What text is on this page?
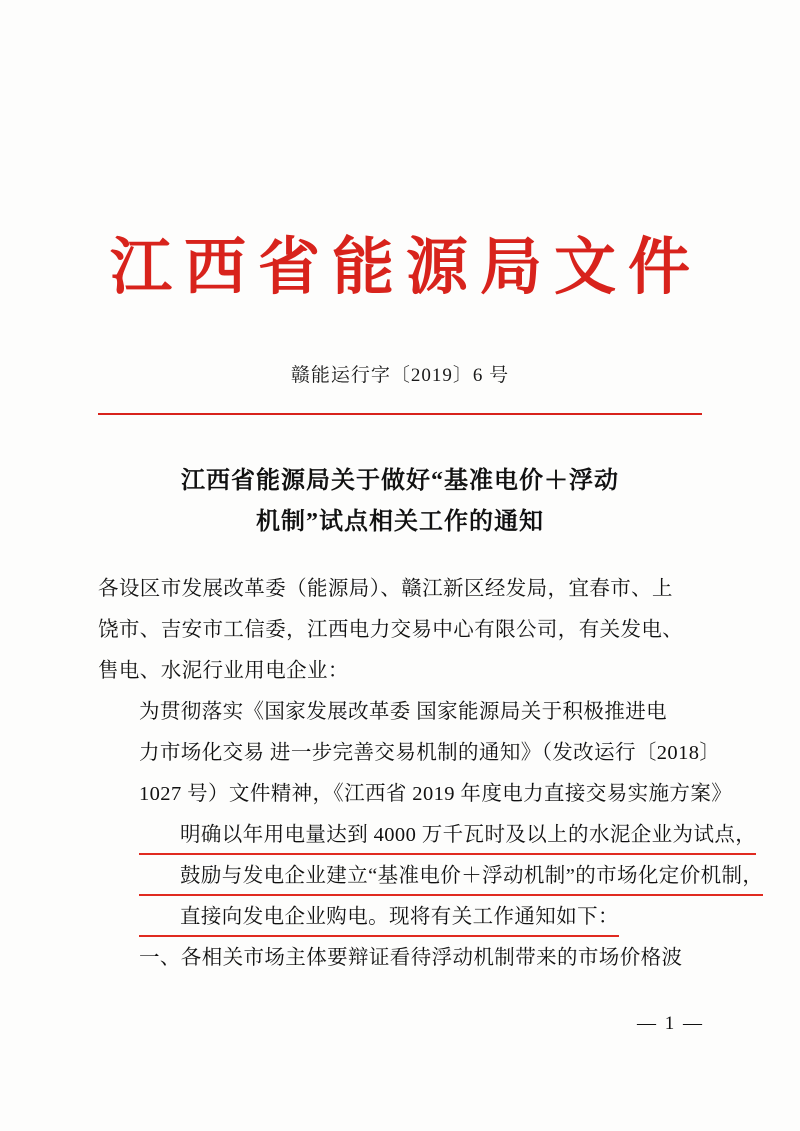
江西省能源局文件
赣能运行字〔2019〕6 号
江西省能源局关于做好“基准电价＋浮动
机制”试点相关工作的通知

各设区市发展改革委（能源局）、赣江新区经发局，宜春市、上
饶市、吉安市工信委，江西电力交易中心有限公司，有关发电、
售电、水泥行业用电企业：

为贯彻落实《国家发展改革委 国家能源局关于积极推进电
力市场化交易 进一步完善交易机制的通知》（发改运行〔2018〕
1027 号）文件精神，《江西省 2019 年度电力直接交易实施方案》
明确以年用电量达到 4000 万千瓦时及以上的水泥企业为试点，
鼓励与发电企业建立“基准电价＋浮动机制”的市场化定价机制，
直接向发电企业购电。现将有关工作通知如下：

一、各相关市场主体要辩证看待浮动机制带来的市场价格波

— 1 —
